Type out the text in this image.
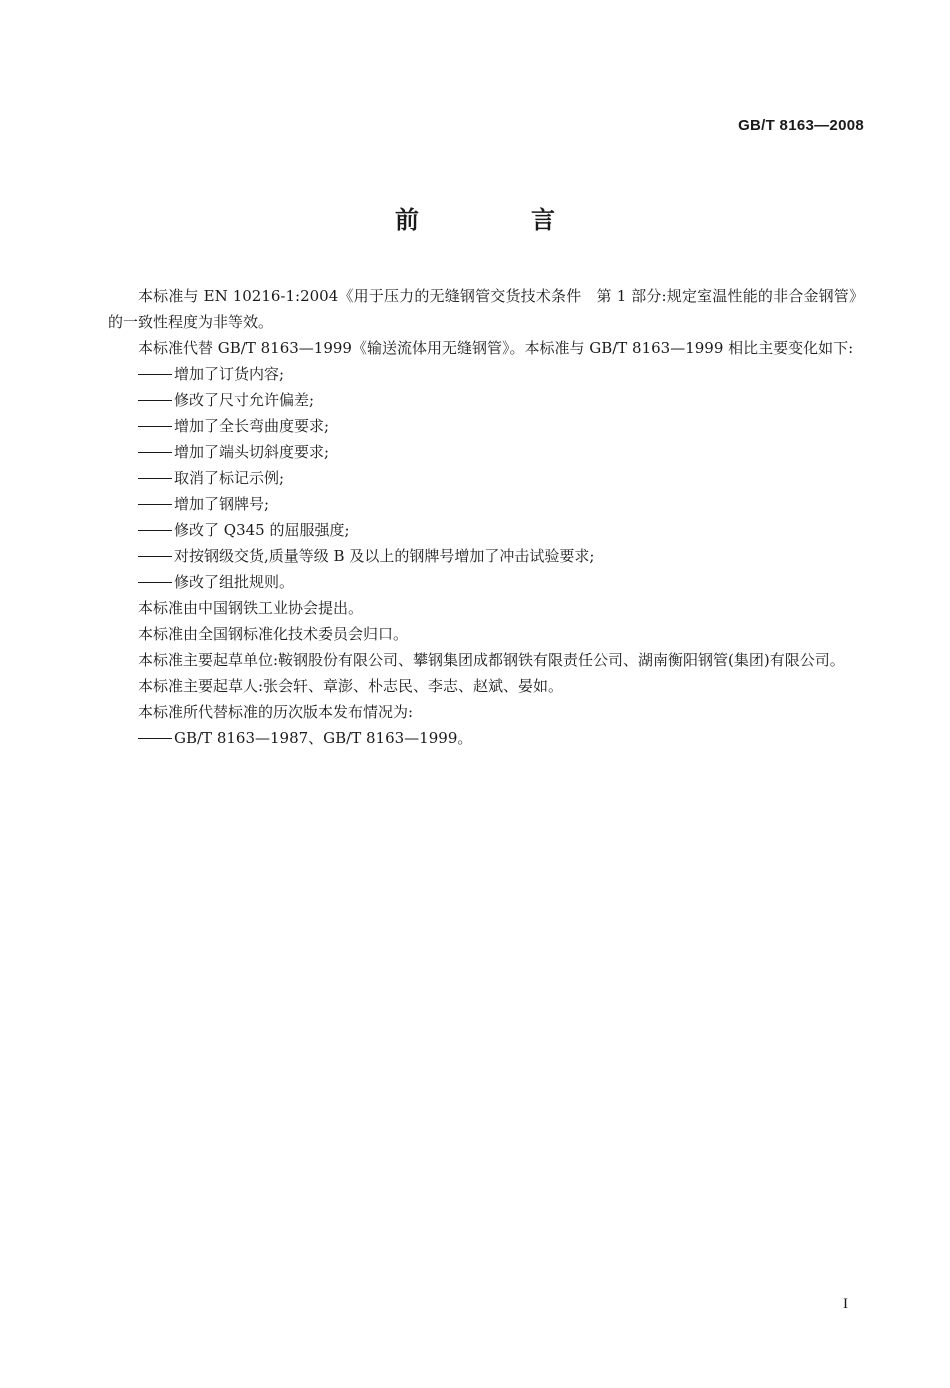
GB/T 8163—2008
前　言

本标准与 EN 10216-1:2004《用于压力的无缝钢管交货技术条件　第 1 部分:规定室温性能的非合金钢管》的一致性程度为非等效。

本标准代替 GB/T 8163—1999《输送流体用无缝钢管》。本标准与 GB/T 8163—1999 相比主要变化如下:

增加了订货内容;
修改了尺寸允许偏差;
增加了全长弯曲度要求;
增加了端头切斜度要求;
取消了标记示例;
增加了钢牌号;
修改了 Q345 的屈服强度;
对按钢级交货,质量等级 B 及以上的钢牌号增加了冲击试验要求;
修改了组批规则。

本标准由中国钢铁工业协会提出。

本标准由全国钢标准化技术委员会归口。

本标准主要起草单位:鞍钢股份有限公司、攀钢集团成都钢铁有限责任公司、湖南衡阳钢管(集团)有限公司。

本标准主要起草人:张会轩、章澎、朴志民、李志、赵斌、晏如。

本标准所代替标准的历次版本发布情况为:

GB/T 8163—1987、GB/T 8163—1999。
I
